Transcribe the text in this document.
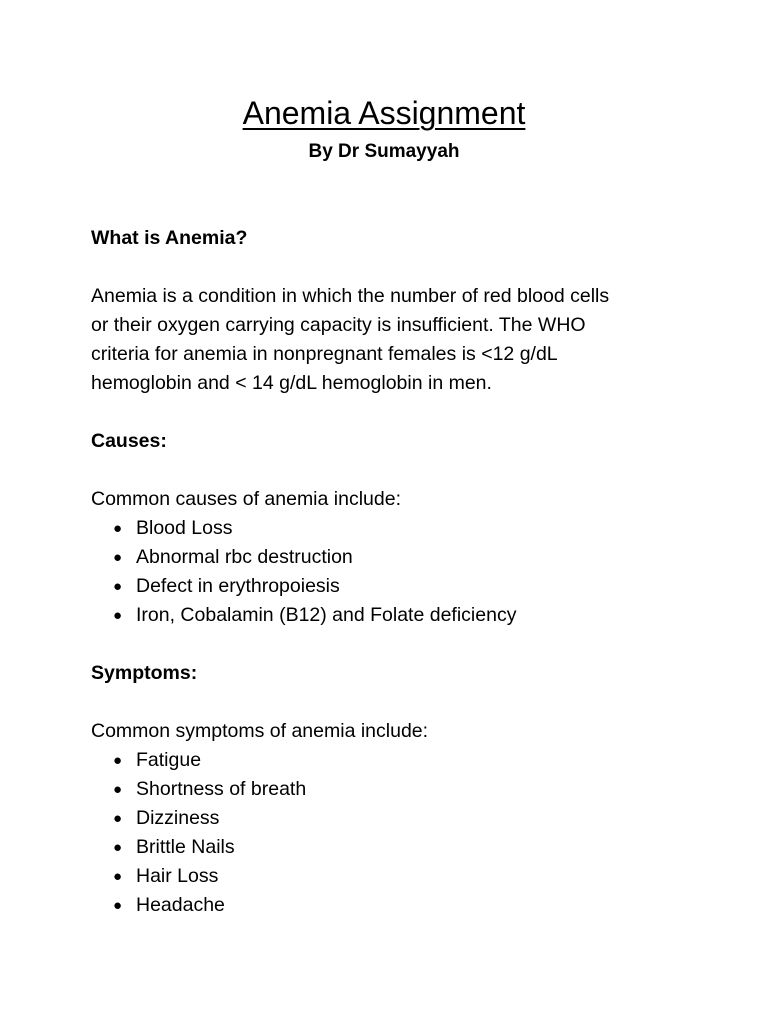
Anemia Assignment
By Dr Sumayyah

What is Anemia?

Anemia is a condition in which the number of red blood cells

or their oxygen carrying capacity is insufficient. The WHO

criteria for anemia in nonpregnant females is <12 g/dL

hemoglobin and < 14 g/dL hemoglobin in men.

Causes:

Common causes of anemia include:

● Blood Loss
● Abnormal rbc destruction
● Defect in erythropoiesis
● Iron, Cobalamin (B12) and Folate deficiency

Symptoms:

Common symptoms of anemia include:

● Fatigue
● Shortness of breath
● Dizziness
● Brittle Nails
● Hair Loss
● Headache
